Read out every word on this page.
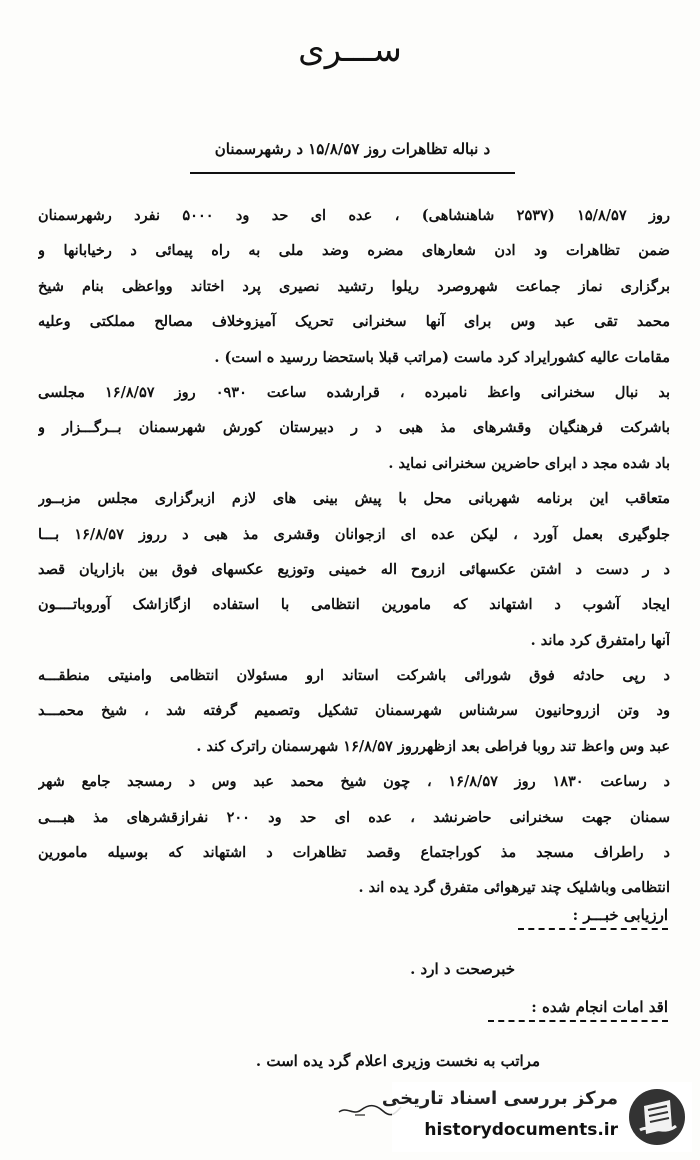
ســـری
د نباله تظاهرات روز ۱۵/۸/۵۷ د رشهرسمنان
روز ۱۵/۸/۵۷ (۲۵۳۷ شاهنشاهی) ، عده ای حد ود ۵۰۰۰ نفرد رشهرسمنان
ضمن تظاهرات ود ادن شعارهای مضره وضد ملی به راه پیمائی د رخیابانها و
برگزاری نماز جماعت شهروصرد ریلوا رتشید نصیری پرد اختاند وواعظی بنام شیخ
محمد تقی عبد وس برای آنها سخنرانی تحریک آمیزوخلاف مصالح مملکتی وعلیه
مقامات عالیه کشورایراد کرد ماست (مراتب قبلا باستحضا ررسید ه است) .
بد نبال سخنرانی واعظ نامبرده ، قرارشده ساعت ۰۹۳۰ روز ۱۶/۸/۵۷ مجلسی
باشرکت فرهنگیان وقشرهای مذ هبی د ر دبیرستان کورش شهرسمنان بــرگـــزار و
باد شده مجد د ابرای حاضرین سخنرانی نماید .
متعاقب این برنامه شهربانی محل با پیش بینی های لازم ازبرگزاری مجلس مزبــور
جلوگیری بعمل آورد ، لیکن عده ای ازجوانان وقشری مذ هبی د رروز ۱۶/۸/۵۷ بـــا
د ر دست د اشتن عکسهائی ازروح اله خمینی وتوزیع عکسهای فوق بین بازاریان قصد
ایجاد آشوب د اشتهاند که مامورین انتظامی با استفاده ازگازاشک آوروباتــــون
آنها رامتفرق کرد ماند .
د رپی حادثه فوق شورائی باشرکت استاند ارو مسئولان انتظامی وامنیتی منطقـــه
ود وتن ازروحانیون سرشناس شهرسمنان تشکیل وتصمیم گرفته شد ، شیخ محمـــد
عبد وس واعظ تند روبا فراطی بعد ازظهرروز ۱۶/۸/۵۷ شهرسمنان راترک کند .
د رساعت ۱۸۳۰ روز ۱۶/۸/۵۷ ، چون شیخ محمد عبد وس د رمسجد جامع شهر
سمنان جهت سخنرانی حاضرنشد ، عده ای حد ود ۲۰۰ نفرازقشرهای مذ هبـــی
د راطراف مسجد مذ کوراجتماع وقصد تظاهرات د اشتهاند که بوسیله مامورین
انتظامی وباشلیک چند تیرهوائی متفرق گرد یده اند .
ارزیابی خبـــر :
خبرصحت د ارد .
اقد امات انجام شده :
مراتب به نخست وزیری اعلام گرد یده است .
مرکز بررسی اسناد تاریخی
historydocuments.ir
